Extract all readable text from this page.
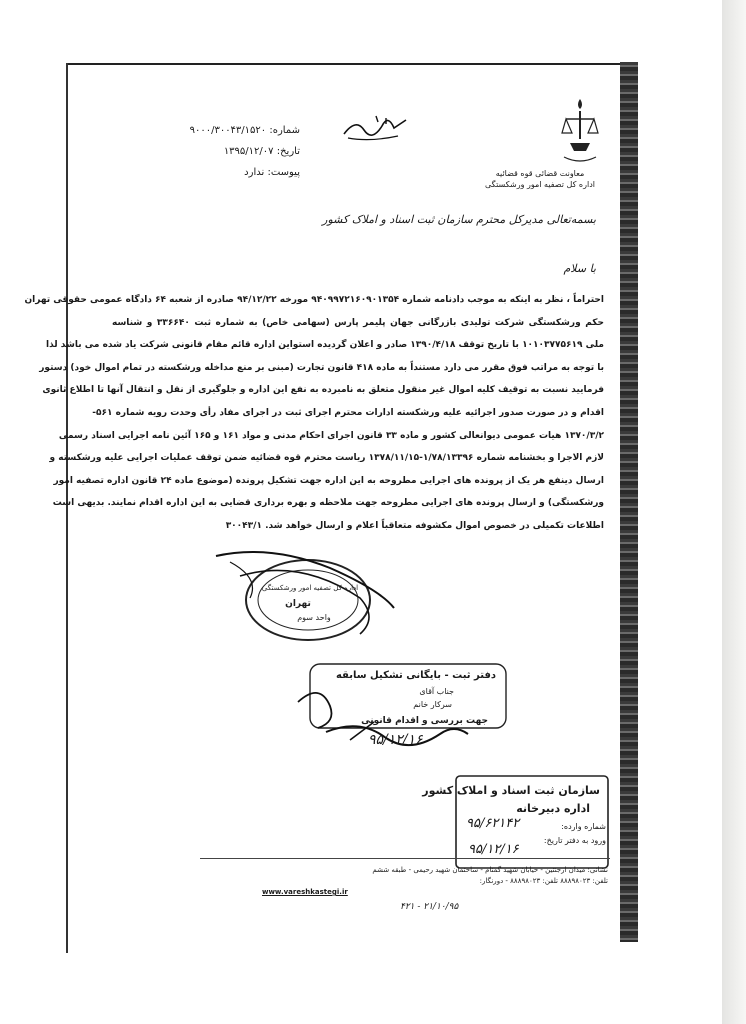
شماره: ۹۰۰۰/۳۰۰۴۳/۱۵۲۰
تاریخ: ۱۳۹۵/۱۲/۰۷
پیوست: ندارد	معاونت قضائی قوه قضائیه
اداره کل تصفیه امور ورشکستگی
بسمه‌تعالی مدیرکل محترم سازمان ثبت اسناد و املاک کشور
با سلام
احتراماً ، نظر به اینکه به موجب دادنامه شماره ۹۴۰۹۹۷۲۱۶۰۹۰۱۳۵۴ مورخه ۹۴/۱۲/۲۲ صادره از شعبه ۶۴ دادگاه عمومی حقوقی تهران
حکم ورشکستگی شرکت تولیدی بازرگانی جهان پلیمر پارس (سهامی خاص) به شماره ثبت ۳۳۶۶۴۰ و شناسه
ملی ۱۰۱۰۳۷۷۵۶۱۹ با تاریخ توقف ۱۳۹۰/۴/۱۸ صادر و اعلان گردیده استواین اداره قائم مقام قانونی شرکت یاد شده می باشد لذا
با توجه به مراتب فوق مقرر می دارد مستنداً به ماده ۴۱۸ قانون تجارت (مبنی بر منع مداخله ورشکسته در تمام اموال خود) دستور
فرمایید نسبت به توقیف کلیه اموال غیر منقول متعلق به نامبرده به نفع این اداره و جلوگیری از نقل و انتقال آنها تا اطلاع ثانوی
اقدام و در صورت صدور اجرائیه علیه ورشکسته ادارات محترم اجرای ثبت در اجرای مفاد رأی وحدت رویه شماره ۵۶۱-
۱۳۷۰/۳/۲ هیات عمومی دیوانعالی کشور و ماده ۳۳ قانون اجرای احکام مدنی و مواد ۱۶۱ و ۱۶۵ آئین نامه اجرایی اسناد رسمی
لازم الاجرا و بخشنامه شماره ۱/۷۸/۱۳۳۹۶-۱۳۷۸/۱۱/۱۵ ریاست محترم قوه قضائیه ضمن توقف عملیات اجرایی علیه ورشکسته و
ارسال دینفع هر یک از پرونده های اجرایی مطروحه به این اداره جهت تشکیل پرونده (موضوع ماده ۲۴ قانون اداره تصفیه امور
ورشکستگی) و ارسال پرونده های اجرایی مطروحه جهت ملاحظه و بهره برداری قضایی به این اداره اقدام نمایند. بدیهی است
اطلاعات تکمیلی در خصوص اموال مکشوفه متعاقباً اعلام و ارسال خواهد شد. ۳۰۰۴۳/۱
اداره کل تصفیه امور ورشکستگی
تهران
واحد سوم
دفتر ثبت - بایگانی تشکیل سابقه
جناب آقای
سرکار خانم
جهت بررسی و اقدام قانونی
۹۵/۱۲/۱۶
سازمان ثبت اسناد و املاک کشور
اداره دبیرخانه
شماره وارده:
ورود به دفتر تاریخ:
۹۵/۶۲۱۴۲
۹۵/۱۲/۱۶
نشانی: میدان ارجنتین - خیابان شهید گمنام - ساختمان شهید رحیمی - طبقه ششم
تلفن: ۸۸۸۹۸۰۲۳ تلفن: ۸۸۸۹۸۰۲۳ - دورنگار:
www.vareshkastegi.ir
۴۲۱ - ۲۱/۱۰/۹۵
